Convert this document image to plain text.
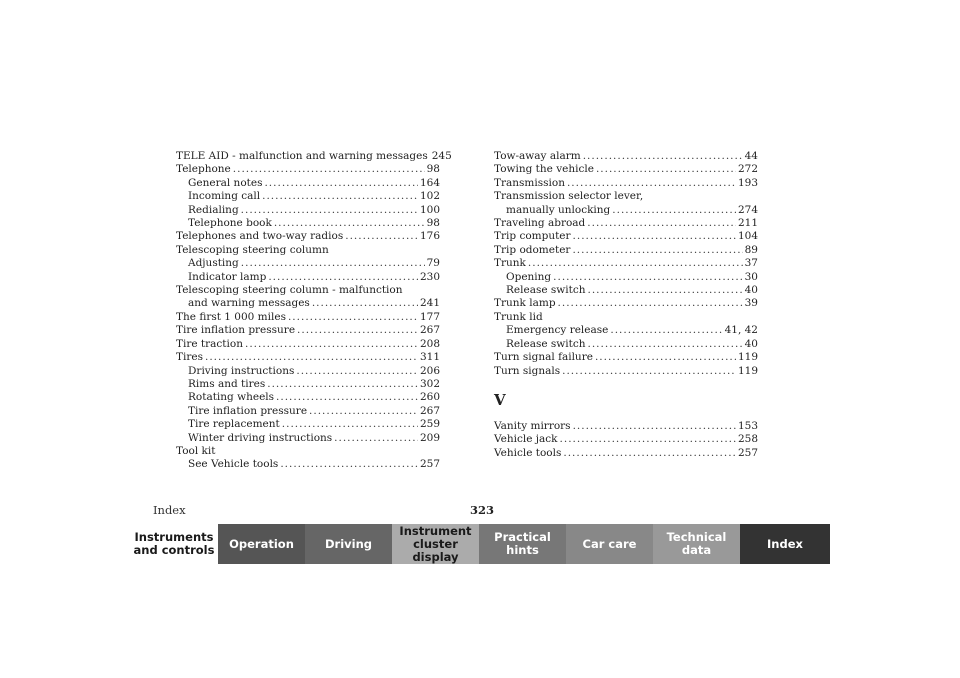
TELE AID - malfunction and warning messages 245
Telephone .....	98
General notes .....	164
Incoming call .....	102
Redialing .....	100
Telephone book .....	98
Telephones and two-way radios .....	176
Telescoping steering column
Adjusting .....	79
Indicator lamp .....	230
Telescoping steering column - malfunction
and warning messages .....	241
The first 1 000 miles .....	177
Tire inflation pressure .....	267
Tire traction .....	208
Tires .....	311
Driving instructions .....	206
Rims and tires .....	302
Rotating wheels .....	260
Tire inflation pressure .....	267
Tire replacement .....	259
Winter driving instructions .....	209
Tool kit
See Vehicle tools .....	257
Tow-away alarm .....	44
Towing the vehicle .....	272
Transmission .....	193
Transmission selector lever,
manually unlocking .....	274
Traveling abroad .....	211
Trip computer .....	104
Trip odometer .....	89
Trunk .....	37
Opening .....	30
Release switch .....	40
Trunk lamp .....	39
Trunk lid
Emergency release .....	41, 42
Release switch .....	40
Turn signal failure .....	119
Turn signals .....	119
V
Vanity mirrors .....	153
Vehicle jack .....	258
Vehicle tools .....	257
Index	323
Instruments
and controls	Operation	Driving
Instrument
cluster display
Practical hints	Car care	Technical
data	Index
